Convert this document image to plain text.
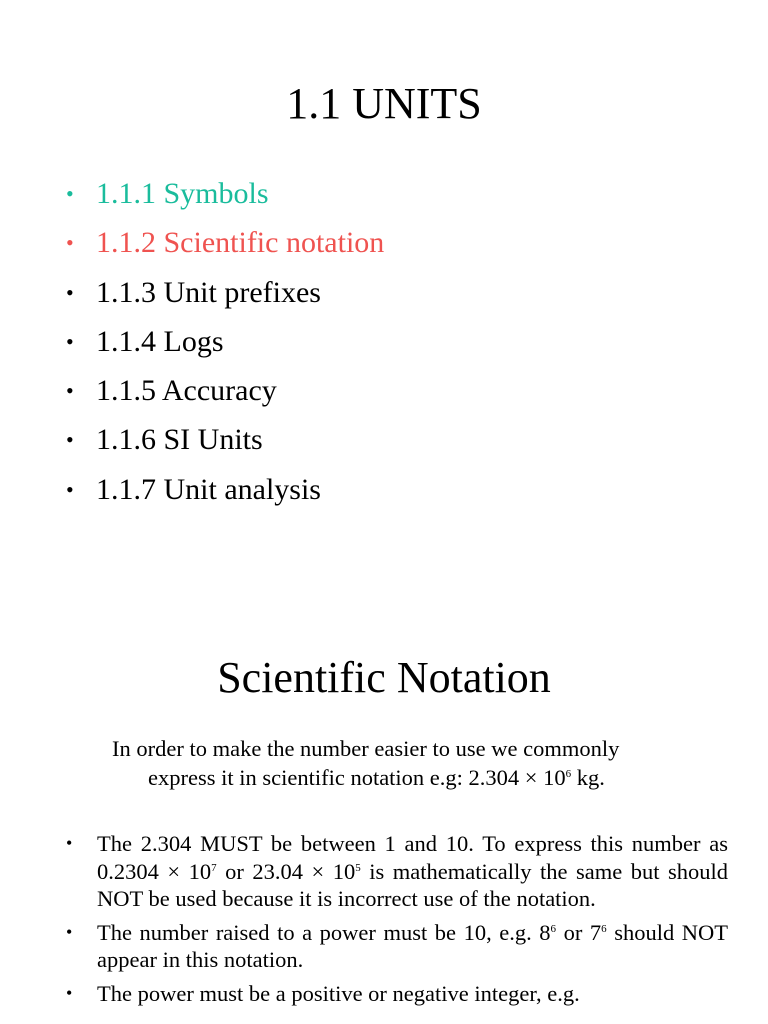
1.1 UNITS
• 1.1.1 Symbols
• 1.1.2 Scientific notation
• 1.1.3 Unit prefixes
• 1.1.4 Logs
• 1.1.5 Accuracy
• 1.1.6 SI Units
• 1.1.7 Unit analysis
Scientific Notation
In order to make the number easier to use we commonly
express it in scientific notation e.g: $2.304 \times 10^6$ kg.
• The 2.304 MUST be between 1 and 10. To express this number as $0.2304 \times 10^7$ or $23.04 \times 10^5$ is mathematically the same but should NOT be used because it is incorrect use of the notation.
• The number raised to a power must be 10, e.g. $8^6$ or $7^6$ should NOT appear in this notation.
• The power must be a positive or negative integer, e.g.
